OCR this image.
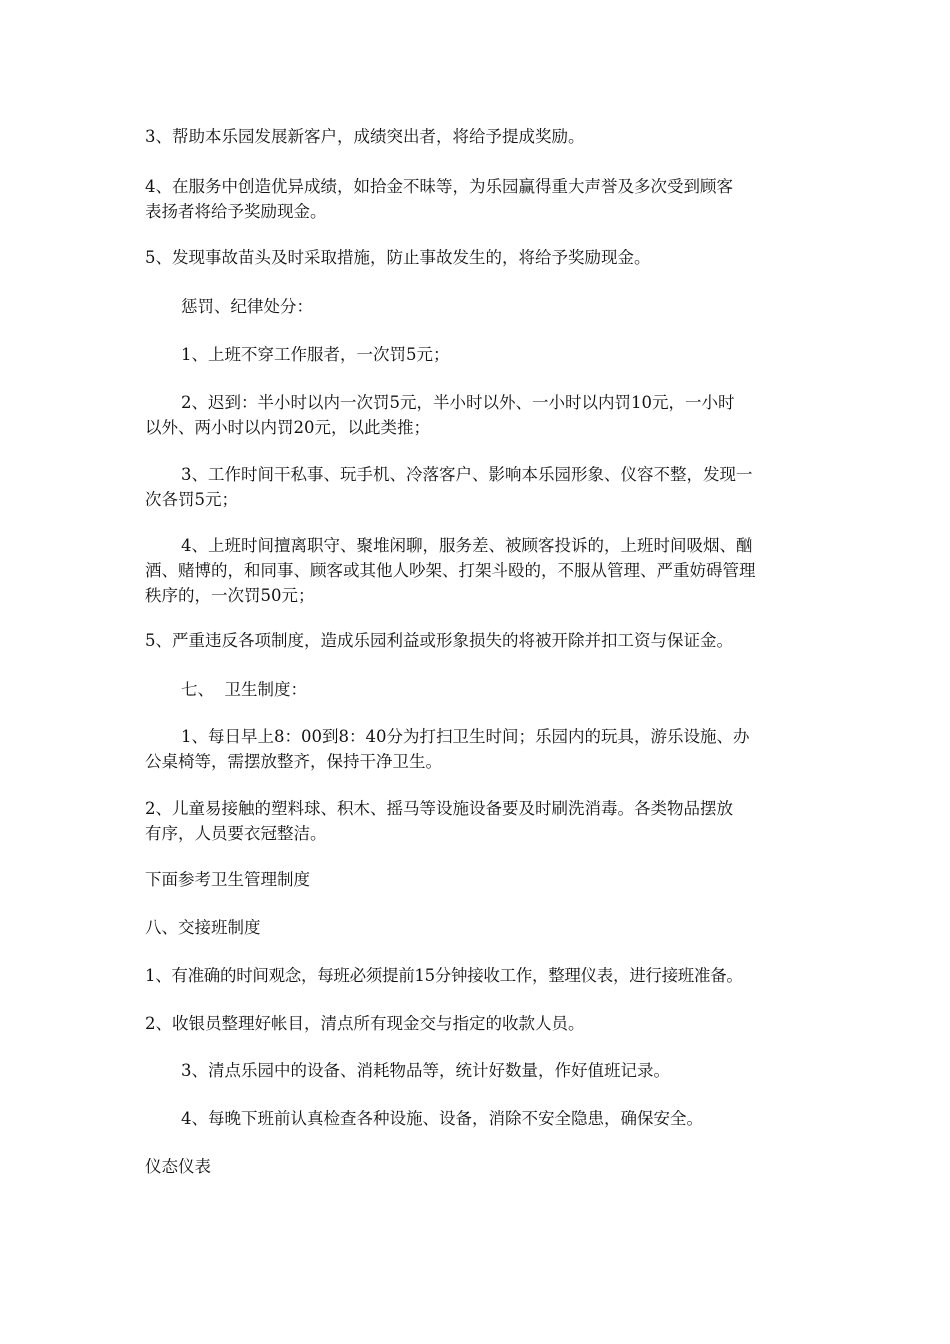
3、帮助本乐园发展新客户，成绩突出者，将给予提成奖励。
4、在服务中创造优异成绩，如拾金不昧等，为乐园赢得重大声誉及多次受到顾客
表扬者将给予奖励现金。
5、发现事故苗头及时采取措施，防止事故发生的，将给予奖励现金。
惩罚、纪律处分：
1、上班不穿工作服者，一次罚5元；
2、迟到：半小时以内一次罚5元，半小时以外、一小时以内罚10元，一小时
以外、两小时以内罚20元，以此类推；
3、工作时间干私事、玩手机、冷落客户、影响本乐园形象、仪容不整，发现一
次各罚5元；
4、上班时间擅离职守、聚堆闲聊，服务差、被顾客投诉的，上班时间吸烟、酗
酒、赌博的，和同事、顾客或其他人吵架、打架斗殴的，不服从管理、严重妨碍管理
秩序的，一次罚50元；
5、严重违反各项制度，造成乐园利益或形象损失的将被开除并扣工资与保证金。
七、  卫生制度：
1、每日早上8：00到8：40分为打扫卫生时间；乐园内的玩具，游乐设施、办
公桌椅等，需摆放整齐，保持干净卫生。
2、儿童易接触的塑料球、积木、摇马等设施设备要及时刷洗消毒。各类物品摆放
有序，人员要衣冠整洁。
下面参考卫生管理制度
八、交接班制度
1、有准确的时间观念，每班必须提前15分钟接收工作，整理仪表，进行接班准备。
2、收银员整理好帐目，清点所有现金交与指定的收款人员。
3、清点乐园中的设备、消耗物品等，统计好数量，作好值班记录。
4、每晚下班前认真检查各种设施、设备，消除不安全隐患，确保安全。
仪态仪表
